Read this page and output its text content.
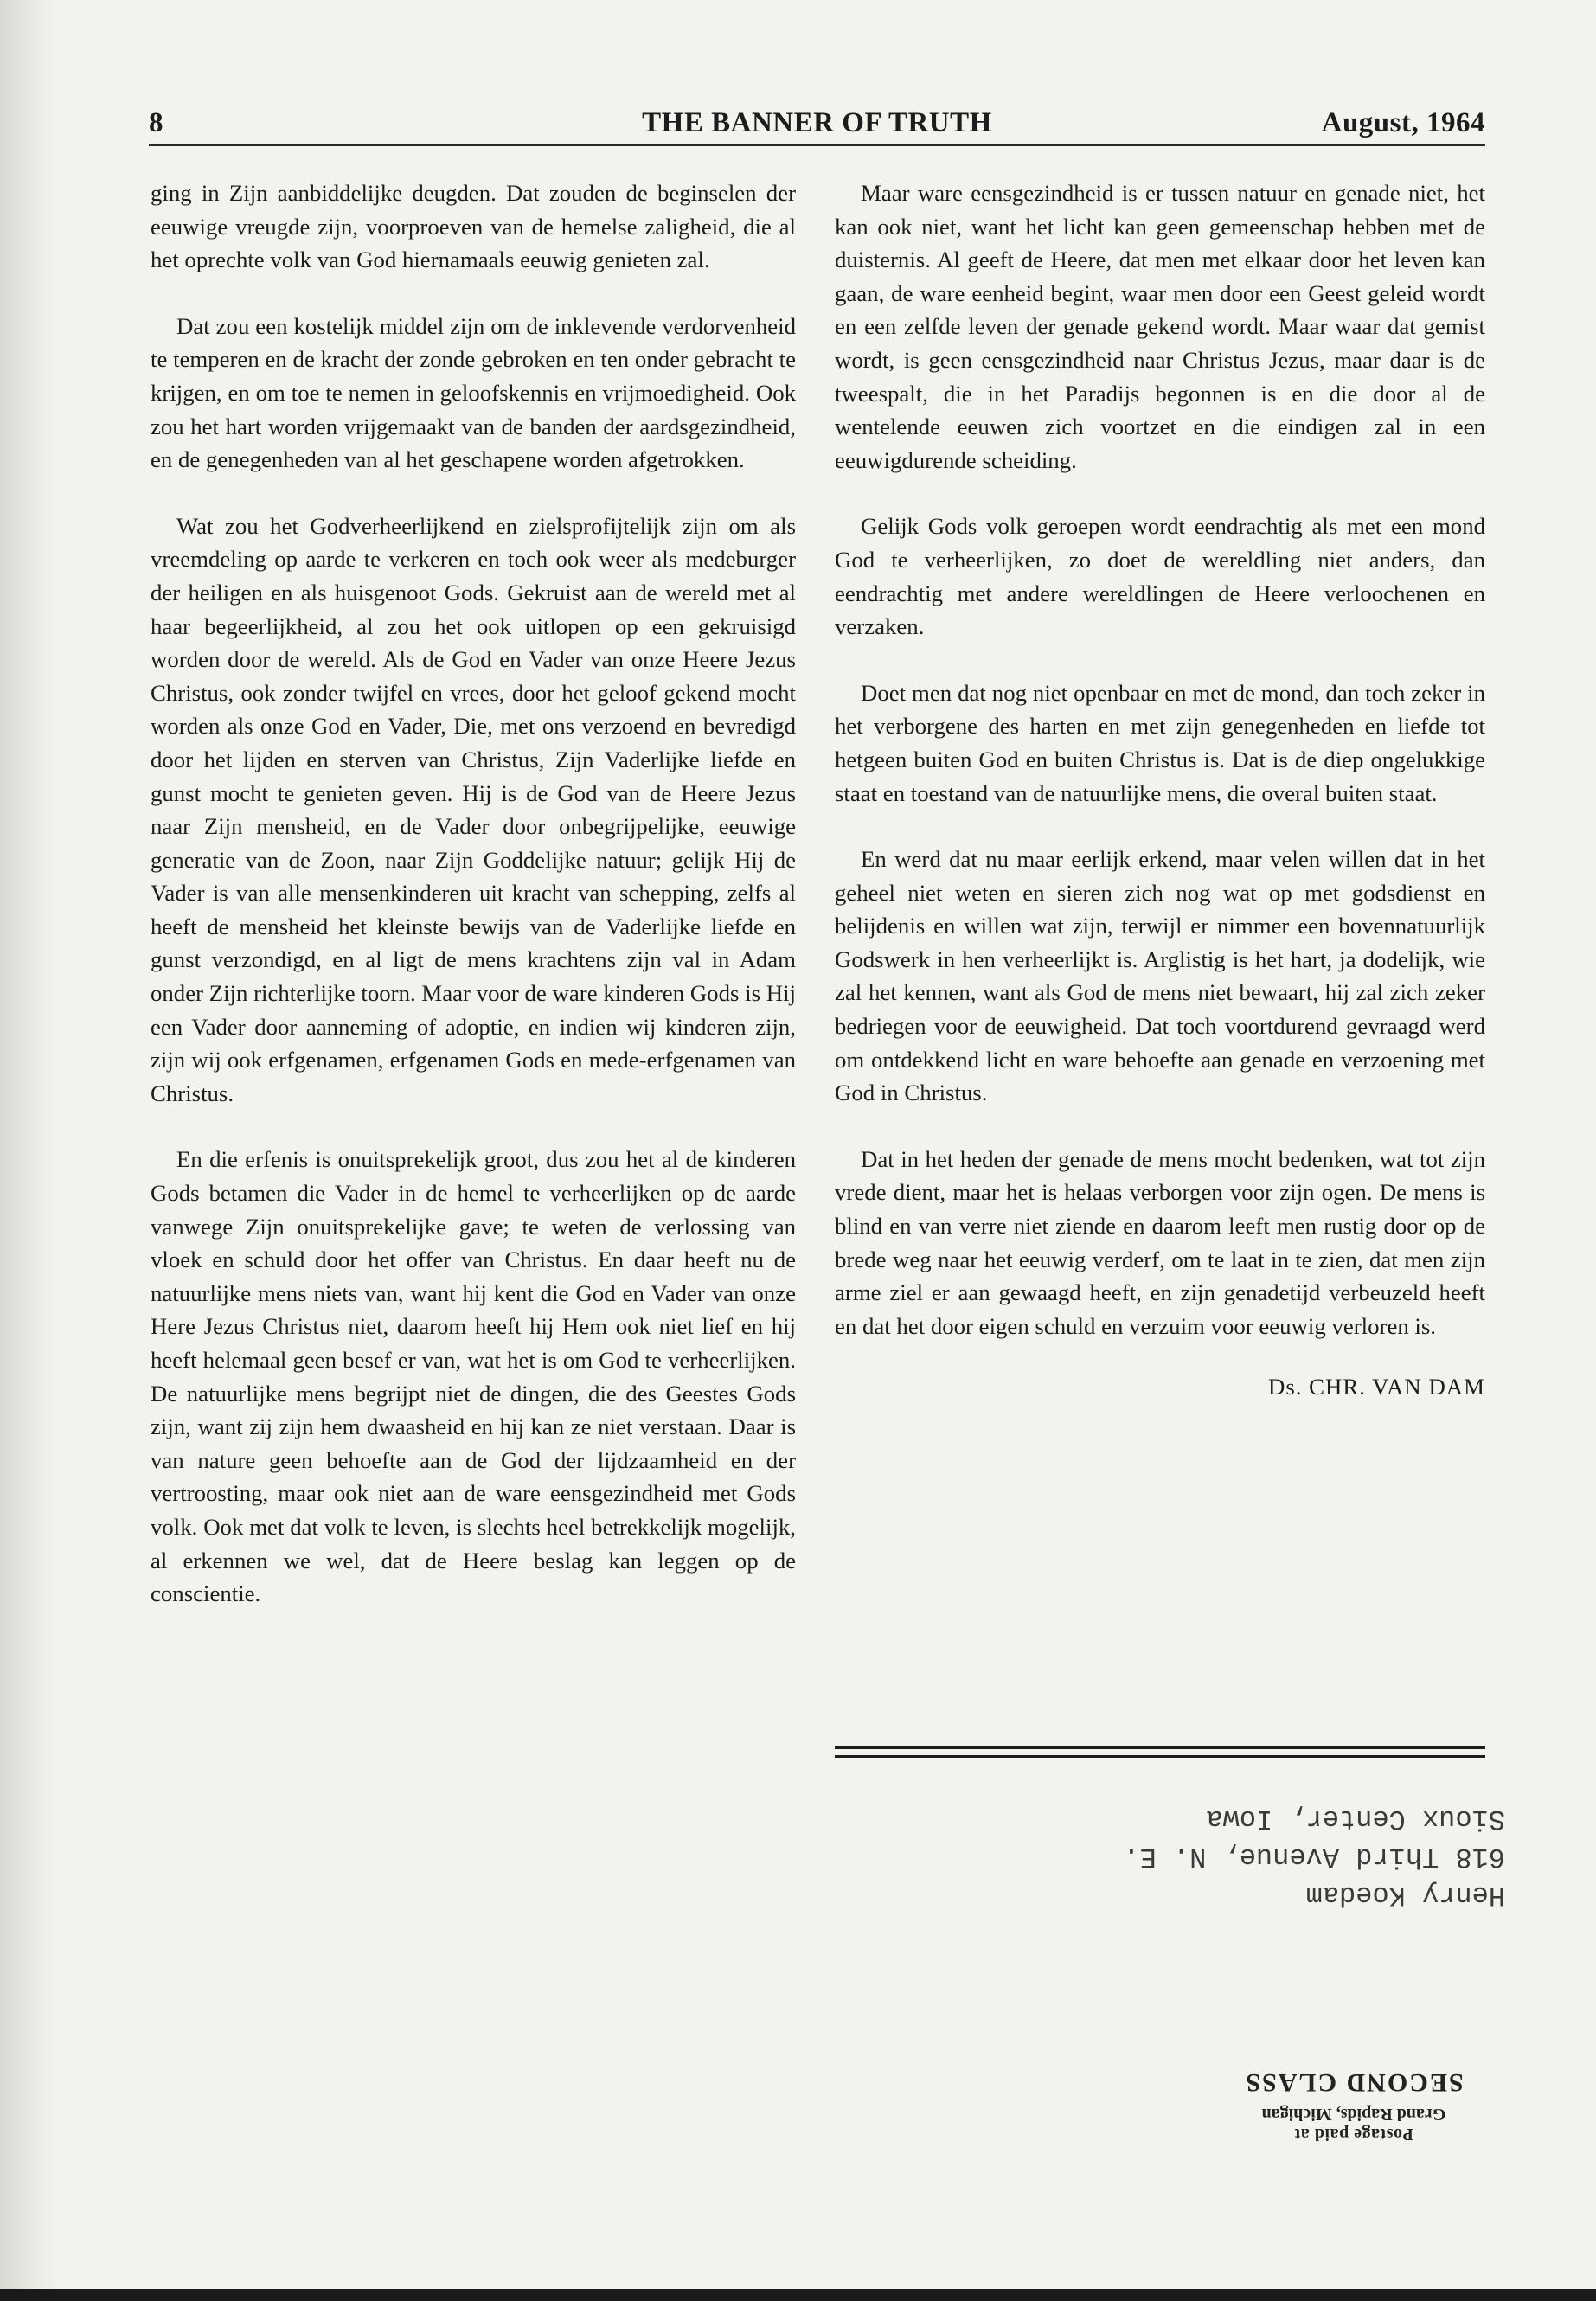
8	THE BANNER OF TRUTH	August, 1964

ging in Zijn aanbiddelijke deugden. Dat zouden de beginselen der eeuwige vreugde zijn, voorproeven van de hemelse zaligheid, die al het oprechte volk van God hiernamaals eeuwig genieten zal.

Dat zou een kostelijk middel zijn om de inklevende verdorvenheid te temperen en de kracht der zonde gebroken en ten onder gebracht te krijgen, en om toe te nemen in geloofskennis en vrijmoedigheid. Ook zou het hart worden vrijgemaakt van de banden der aardsgezindheid, en de genegenheden van al het geschapene worden afgetrokken.

Wat zou het Godverheerlijkend en zielsprofijtelijk zijn om als vreemdeling op aarde te verkeren en toch ook weer als medeburger der heiligen en als huisgenoot Gods. Gekruist aan de wereld met al haar begeerlijkheid, al zou het ook uitlopen op een gekruisigd worden door de wereld. Als de God en Vader van onze Heere Jezus Christus, ook zonder twijfel en vrees, door het geloof gekend mocht worden als onze God en Vader, Die, met ons verzoend en bevredigd door het lijden en sterven van Christus, Zijn Vaderlijke liefde en gunst mocht te genieten geven. Hij is de God van de Heere Jezus naar Zijn mensheid, en de Vader door onbegrijpelijke, eeuwige generatie van de Zoon, naar Zijn Goddelijke natuur; gelijk Hij de Vader is van alle mensenkinderen uit kracht van schepping, zelfs al heeft de mensheid het kleinste bewijs van de Vaderlijke liefde en gunst verzondigd, en al ligt de mens krachtens zijn val in Adam onder Zijn richterlijke toorn. Maar voor de ware kinderen Gods is Hij een Vader door aanneming of adoptie, en indien wij kinderen zijn, zijn wij ook erfgenamen, erfgenamen Gods en mede-erfgenamen van Christus.

En die erfenis is onuitsprekelijk groot, dus zou het al de kinderen Gods betamen die Vader in de hemel te verheerlijken op de aarde vanwege Zijn onuitsprekelijke gave; te weten de verlossing van vloek en schuld door het offer van Christus. En daar heeft nu de natuurlijke mens niets van, want hij kent die God en Vader van onze Here Jezus Christus niet, daarom heeft hij Hem ook niet lief en hij heeft helemaal geen besef er van, wat het is om God te verheerlijken. De natuurlijke mens begrijpt niet de dingen, die des Geestes Gods zijn, want zij zijn hem dwaasheid en hij kan ze niet verstaan. Daar is van nature geen behoefte aan de God der lijdzaamheid en der vertroosting, maar ook niet aan de ware eensgezindheid met Gods volk. Ook met dat volk te leven, is slechts heel betrekkelijk mogelijk, al erkennen we wel, dat de Heere beslag kan leggen op de conscientie.

Maar ware eensgezindheid is er tussen natuur en genade niet, het kan ook niet, want het licht kan geen gemeenschap hebben met de duisternis. Al geeft de Heere, dat men met elkaar door het leven kan gaan, de ware eenheid begint, waar men door een Geest geleid wordt en een zelfde leven der genade gekend wordt. Maar waar dat gemist wordt, is geen eensgezindheid naar Christus Jezus, maar daar is de tweespalt, die in het Paradijs begonnen is en die door al de wentelende eeuwen zich voortzet en die eindigen zal in een eeuwigdurende scheiding.

Gelijk Gods volk geroepen wordt eendrachtig als met een mond God te verheerlijken, zo doet de wereldling niet anders, dan eendrachtig met andere wereldlingen de Heere verloochenen en verzaken.

Doet men dat nog niet openbaar en met de mond, dan toch zeker in het verborgene des harten en met zijn genegenheden en liefde tot hetgeen buiten God en buiten Christus is. Dat is de diep ongelukkige staat en toestand van de natuurlijke mens, die overal buiten staat.

En werd dat nu maar eerlijk erkend, maar velen willen dat in het geheel niet weten en sieren zich nog wat op met godsdienst en belijdenis en willen wat zijn, terwijl er nimmer een bovennatuurlijk Godswerk in hen verheerlijkt is. Arglistig is het hart, ja dodelijk, wie zal het kennen, want als God de mens niet bewaart, hij zal zich zeker bedriegen voor de eeuwigheid. Dat toch voortdurend gevraagd werd om ontdekkend licht en ware behoefte aan genade en verzoening met God in Christus.

Dat in het heden der genade de mens mocht bedenken, wat tot zijn vrede dient, maar het is helaas verborgen voor zijn ogen. De mens is blind en van verre niet ziende en daarom leeft men rustig door op de brede weg naar het eeuwig verderf, om te laat in te zien, dat men zijn arme ziel er aan gewaagd heeft, en zijn genadetijd verbeuzeld heeft en dat het door eigen schuld en verzuim voor eeuwig verloren is.

Ds. CHR. VAN DAM
Henry Koedam
618 Third Avenue, N. E.
Sioux Center, Iowa
Postage paid at
Grand Rapids, Michigan
SECOND CLASS
